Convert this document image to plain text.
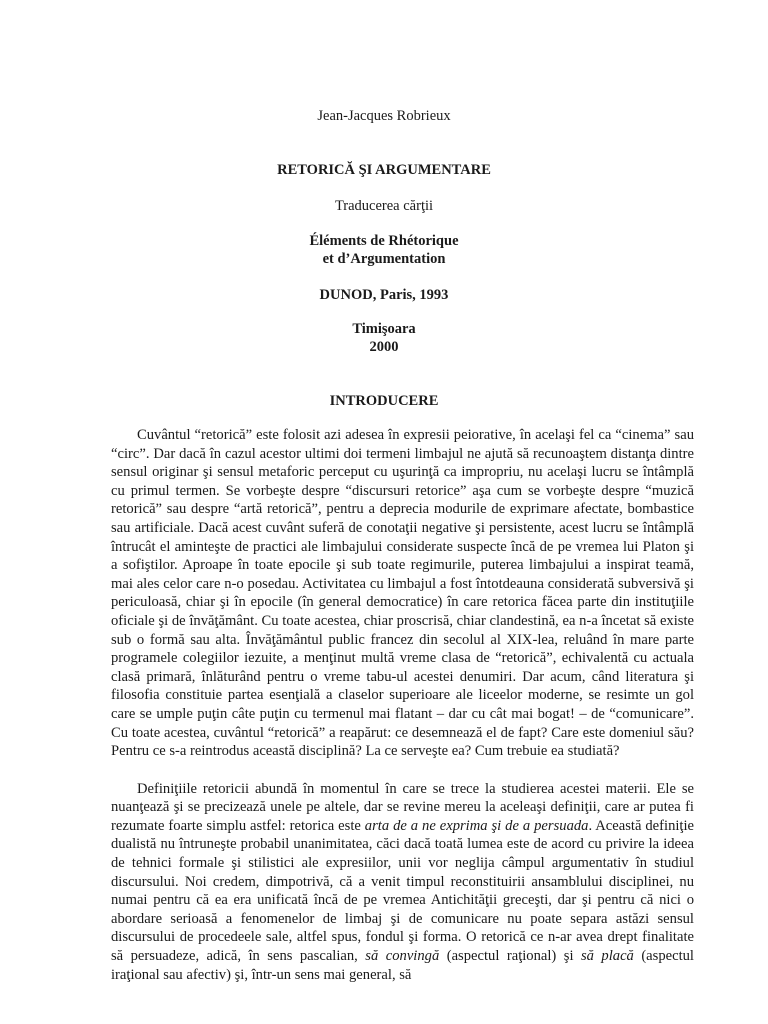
Jean-Jacques Robrieux
RETORICĂ ŞI ARGUMENTARE
Traducerea cărţii
Éléments de Rhétorique
et d’Argumentation
DUNOD, Paris, 1993
Timişoara
2000
INTRODUCERE

Cuvântul “retorică” este folosit azi adesea în expresii peiorative, în acelaşi fel ca “cinema” sau “circ”. Dar dacă în cazul acestor ultimi doi termeni limbajul ne ajută să recunoaştem distanţa dintre sensul originar şi sensul metaforic perceput cu uşurinţă ca impropriu, nu acelaşi lucru se întâmplă cu primul termen. Se vorbeşte despre “discursuri retorice” aşa cum se vorbeşte despre “muzică retorică” sau despre “artă retorică”, pentru a deprecia modurile de exprimare afectate, bombastice sau artificiale. Dacă acest cuvânt suferă de conotaţii negative şi persistente, acest lucru se întâmplă întrucât el aminteşte de practici ale limbajului considerate suspecte încă de pe vremea lui Platon şi a sofiştilor. Aproape în toate epocile şi sub toate regimurile, puterea limbajului a inspirat teamă, mai ales celor care n-o posedau. Activitatea cu limbajul a fost întotdeauna considerată subversivă şi periculoasă, chiar şi în epocile (în general democratice) în care retorica făcea parte din instituţiile oficiale şi de învăţământ. Cu toate acestea, chiar proscrisă, chiar clandestină, ea n-a încetat să existe sub o formă sau alta. Învăţământul public francez din secolul al XIX-lea, reluând în mare parte programele colegiilor iezuite, a menţinut multă vreme clasa de “retorică”, echivalentă cu actuala clasă primară, înlăturând pentru o vreme tabu-ul acestei denumiri. Dar acum, când literatura şi filosofia constituie partea esenţială a claselor superioare ale liceelor moderne, se resimte un gol care se umple puţin câte puţin cu termenul mai flatant – dar cu cât mai bogat! – de “comunicare”. Cu toate acestea, cuvântul “retorică” a reapărut: ce desemnează el de fapt? Care este domeniul său? Pentru ce s-a reintrodus această disciplină? La ce serveşte ea? Cum trebuie ea studiată?

Definiţiile retoricii abundă în momentul în care se trece la studierea acestei materii. Ele se nuanţează şi se precizează unele pe altele, dar se revine mereu la aceleaşi definiţii, care ar putea fi rezumate foarte simplu astfel: retorica este arta de a ne exprima şi de a persuada. Această definiţie dualistă nu întruneşte probabil unanimitatea, căci dacă toată lumea este de acord cu privire la ideea de tehnici formale şi stilistici ale expresiilor, unii vor neglija câmpul argumentativ în studiul discursului. Noi credem, dimpotrivă, că a venit timpul reconstituirii ansamblului disciplinei, nu numai pentru că ea era unificată încă de pe vremea Antichităţii greceşti, dar şi pentru că nici o abordare serioasă a fenomenelor de limbaj şi de comunicare nu poate separa astăzi sensul discursului de procedeele sale, altfel spus, fondul şi forma. O retorică ce n-ar avea drept finalitate să persuadeze, adică, în sens pascalian, să convingă (aspectul raţional) şi să placă (aspectul iraţional sau afectiv) şi, într-un sens mai general, să
